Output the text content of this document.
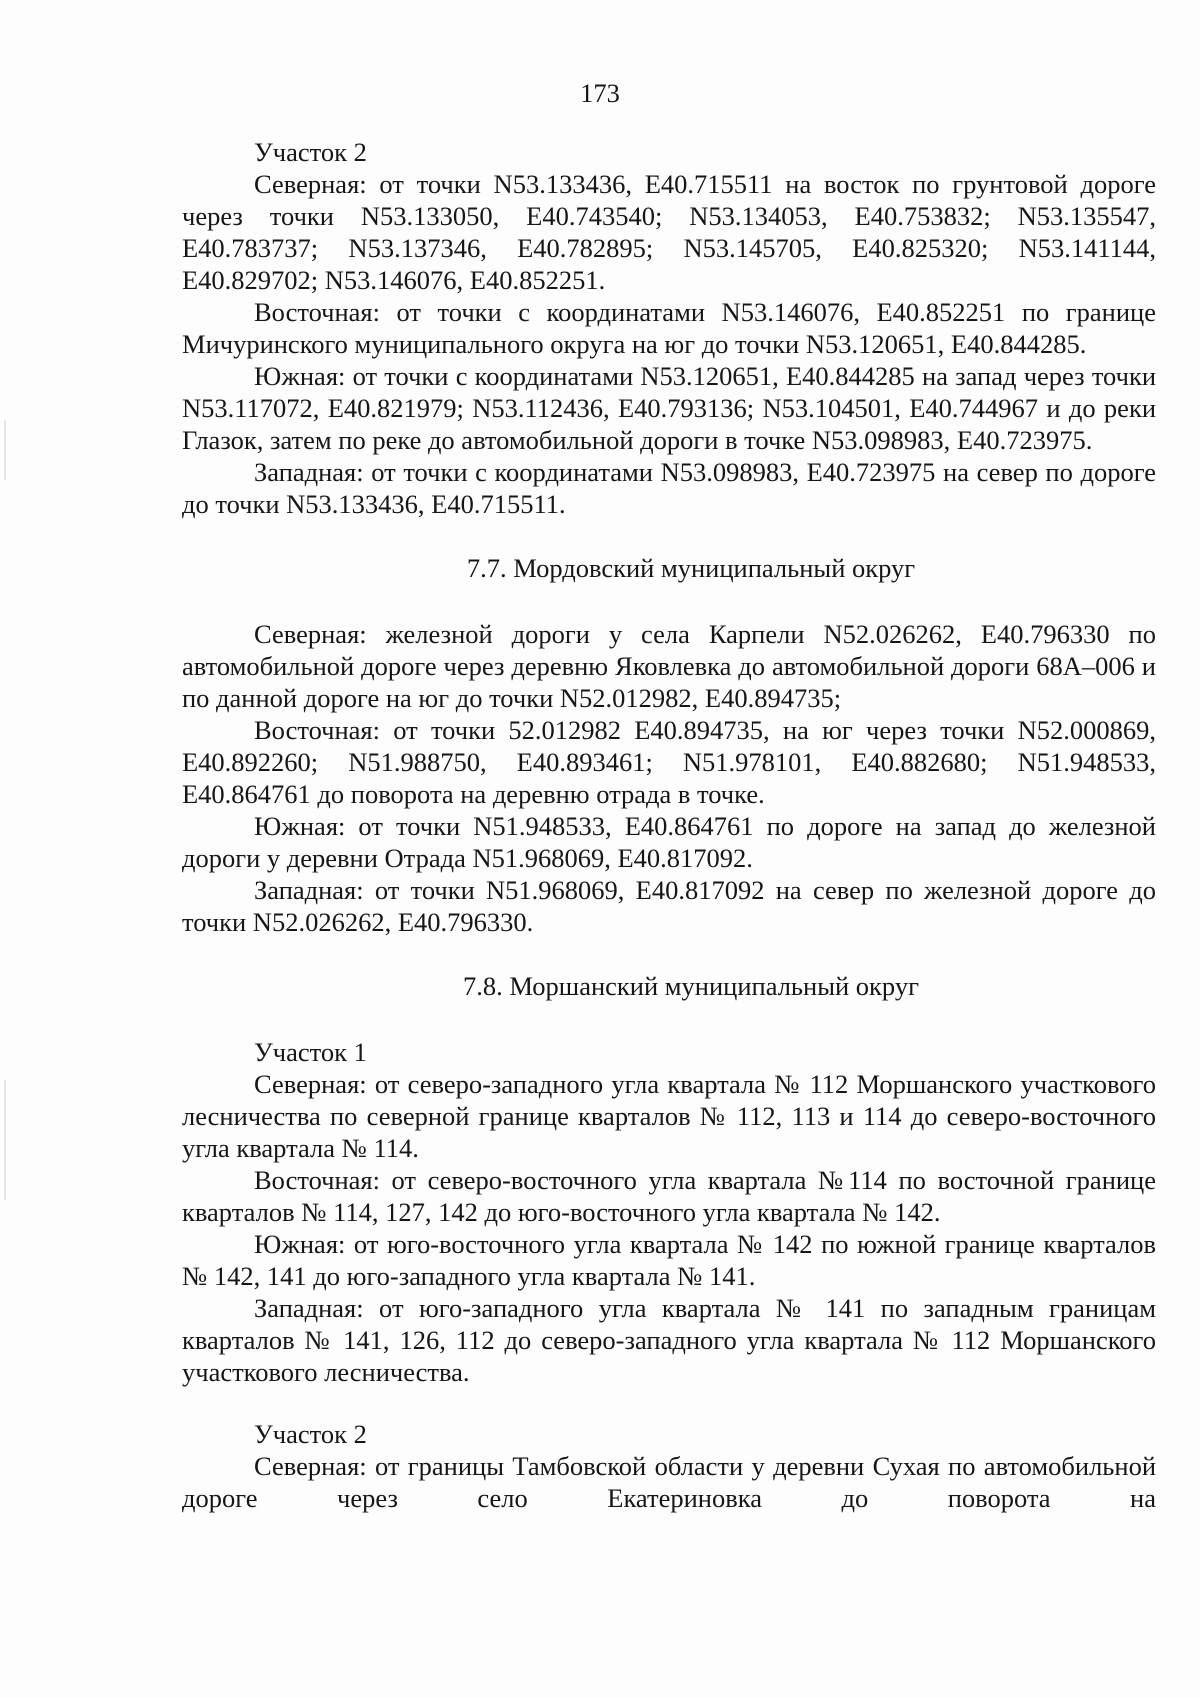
173

Участок 2

Северная: от точки N53.133436, E40.715511 на восток по грунтовой дороге через точки N53.133050, E40.743540; N53.134053, E40.753832; N53.135547, E40.783737; N53.137346, E40.782895; N53.145705, E40.825320; N53.141144, E40.829702; N53.146076, E40.852251.

Восточная: от точки с координатами N53.146076, E40.852251 по границе Мичуринского муниципального округа на юг до точки N53.120651, E40.844285.

Южная: от точки с координатами N53.120651, E40.844285 на запад через точки N53.117072, E40.821979; N53.112436, E40.793136; N53.104501, E40.744967 и до реки Глазок, затем по реке до автомобильной дороги в точке N53.098983, E40.723975.

Западная: от точки с координатами N53.098983, E40.723975 на север по дороге до точки N53.133436, E40.715511.

7.7. Мордовский муниципальный округ

Северная: железной дороги у села Карпели N52.026262, E40.796330 по автомобильной дороге через деревню Яковлевка до автомобильной дороги 68А–006 и по данной дороге на юг до точки N52.012982, E40.894735;

Восточная: от точки 52.012982 E40.894735, на юг через точки N52.000869, E40.892260; N51.988750, E40.893461; N51.978101, E40.882680; N51.948533, E40.864761 до поворота на деревню отрада в точке.

Южная: от точки N51.948533, E40.864761 по дороге на запад до железной дороги у деревни Отрада N51.968069, E40.817092.

Западная: от точки N51.968069, E40.817092 на север по железной дороге до точки N52.026262, E40.796330.

7.8. Моршанский муниципальный округ

Участок 1

Северная: от северо-западного угла квартала № 112 Моршанского участкового лесничества по северной границе кварталов № 112, 113 и 114 до северо-восточного угла квартала № 114.

Восточная: от северо-восточного угла квартала №114 по восточной границе кварталов № 114, 127, 142 до юго-восточного угла квартала № 142.

Южная: от юго-восточного угла квартала № 142 по южной границе кварталов № 142, 141 до юго-западного угла квартала № 141.

Западная: от юго-западного угла квартала № 141 по западным границам кварталов № 141, 126, 112 до северо-западного угла квартала № 112 Моршанского участкового лесничества.

Участок 2

Северная: от границы Тамбовской области у деревни Сухая по автомобильной дороге через село Екатериновка до поворота на
